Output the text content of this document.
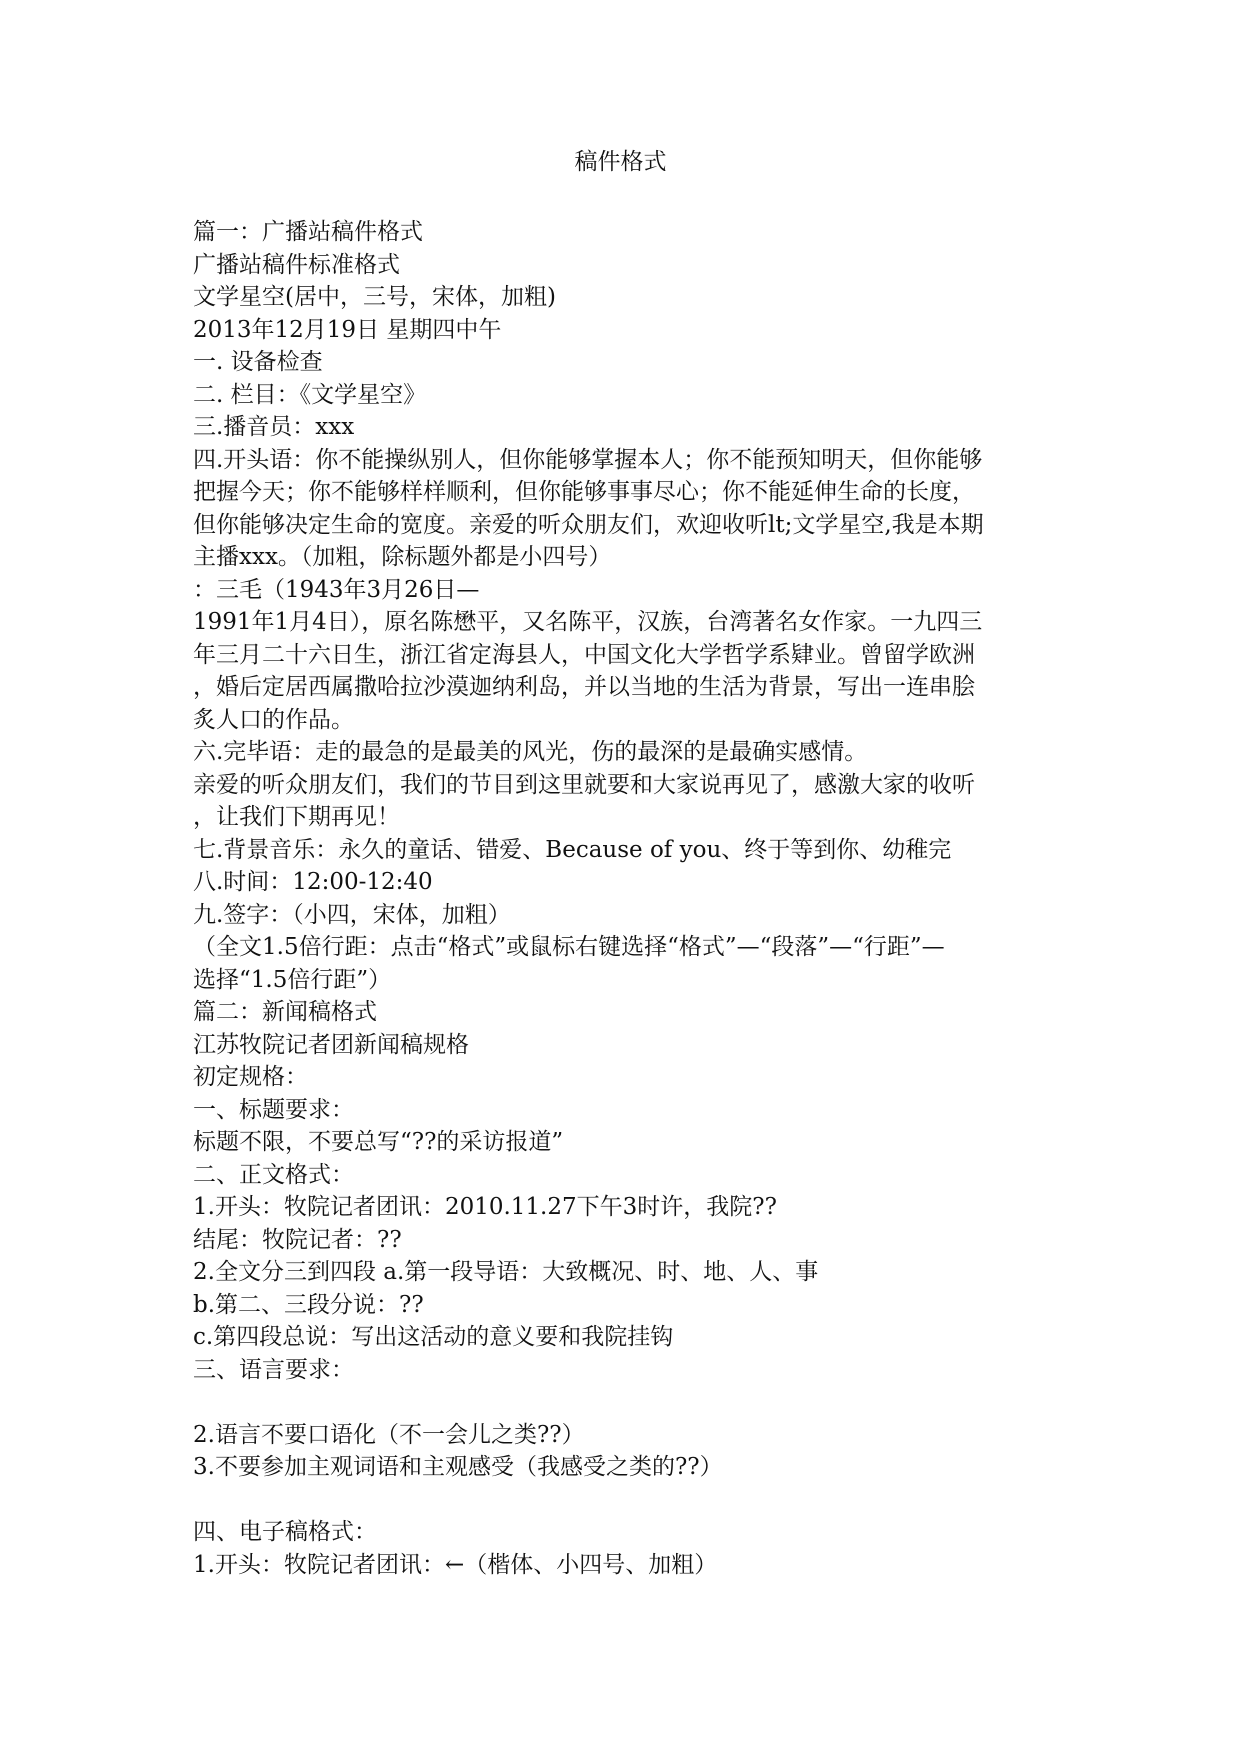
稿件格式
篇一：广播站稿件格式
广播站稿件标准格式
文学星空(居中，三号，宋体，加粗)
2013年12月19日 星期四中午
一. 设备检查
二. 栏目：《文学星空》
三.播音员：xxx
四.开头语：你不能操纵别人，但你能够掌握本人；你不能预知明天，但你能够
把握今天；你不能够样样顺利，但你能够事事尽心；你不能延伸生命的长度，
但你能够决定生命的宽度。亲爱的听众朋友们，欢迎收听lt;文学星空,我是本期
主播xxx。（加粗，除标题外都是小四号）
：三毛（1943年3月26日—
1991年1月4日），原名陈懋平，又名陈平，汉族，台湾著名女作家。一九四三
年三月二十六日生，浙江省定海县人，中国文化大学哲学系肄业。曾留学欧洲
，婚后定居西属撒哈拉沙漠迦纳利岛，并以当地的生活为背景，写出一连串脍
炙人口的作品。
六.完毕语：走的最急的是最美的风光，伤的最深的是最确实感情。
亲爱的听众朋友们，我们的节目到这里就要和大家说再见了，感激大家的收听
，让我们下期再见！
七.背景音乐：永久的童话、错爱、Because of you、终于等到你、幼稚完
八.时间：12:00-12:40
九.签字：（小四，宋体，加粗）
（全文1.5倍行距：点击“格式”或鼠标右键选择“格式”—“段落”—“行距”—
选择“1.5倍行距”）
篇二：新闻稿格式
江苏牧院记者团新闻稿规格
初定规格：
一、标题要求：
标题不限，不要总写“??的采访报道”
二、正文格式：
1.开头：牧院记者团讯：2010.11.27下午3时许，我院??
结尾：牧院记者：??
2.全文分三到四段 a.第一段导语：大致概况、时、地、人、事
b.第二、三段分说：??
c.第四段总说：写出这活动的意义要和我院挂钩
三、语言要求：
2.语言不要口语化（不一会儿之类??）
3.不要参加主观词语和主观感受（我感受之类的??）
四、电子稿格式：
1.开头：牧院记者团讯：←（楷体、小四号、加粗）
